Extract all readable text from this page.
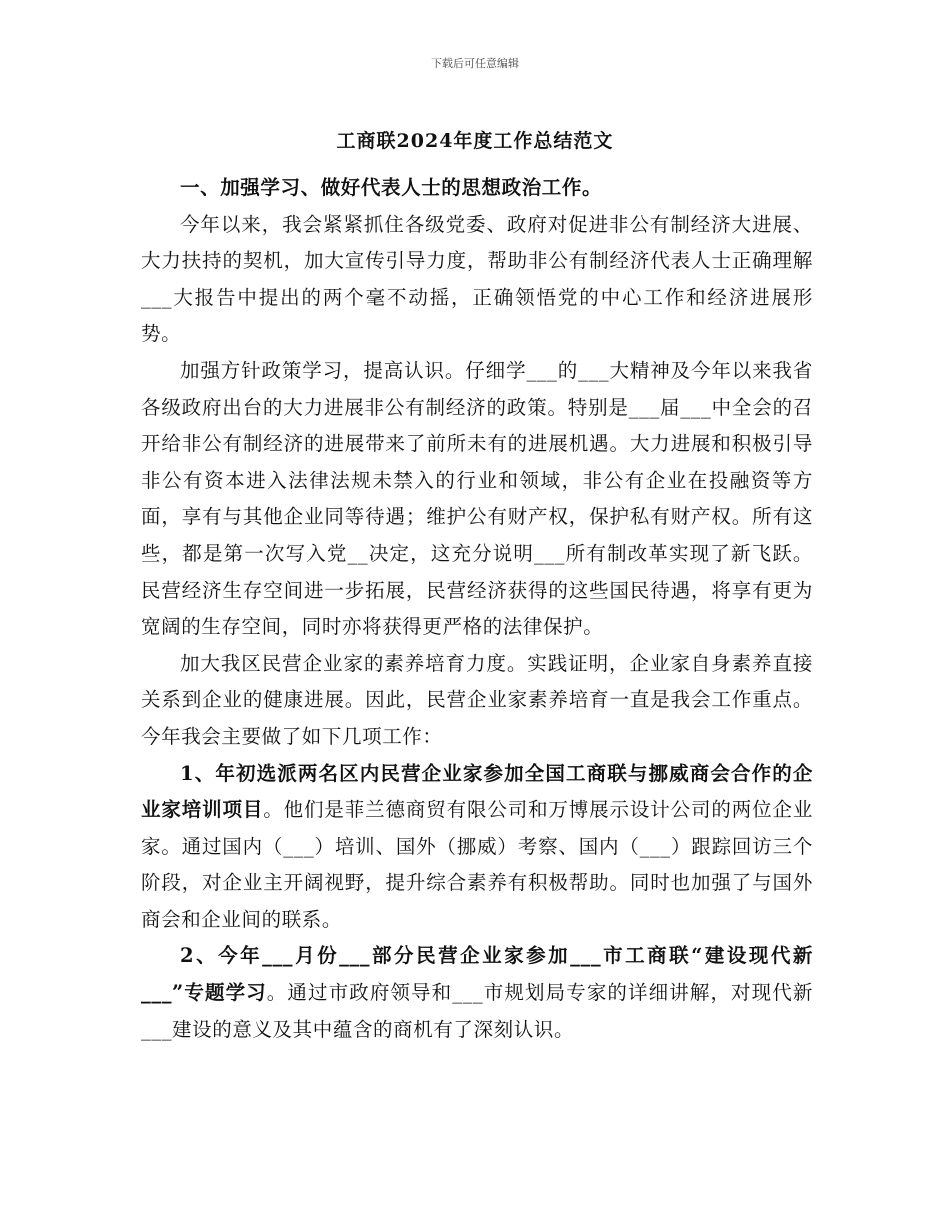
下载后可任意编辑
工商联2024年度工作总结范文

一、加强学习、做好代表人士的思想政治工作。

今年以来，我会紧紧抓住各级党委、政府对促进非公有制经济大进展、大力扶持的契机，加大宣传引导力度，帮助非公有制经济代表人士正确理解___大报告中提出的两个毫不动摇，正确领悟党的中心工作和经济进展形势。

加强方针政策学习，提高认识。仔细学___的___大精神及今年以来我省各级政府出台的大力进展非公有制经济的政策。特别是___届___中全会的召开给非公有制经济的进展带来了前所未有的进展机遇。大力进展和积极引导非公有资本进入法律法规未禁入的行业和领域，非公有企业在投融资等方面，享有与其他企业同等待遇；维护公有财产权，保护私有财产权。所有这些，都是第一次写入党__决定，这充分说明___所有制改革实现了新飞跃。民营经济生存空间进一步拓展，民营经济获得的这些国民待遇，将享有更为宽阔的生存空间，同时亦将获得更严格的法律保护。

加大我区民营企业家的素养培育力度。实践证明，企业家自身素养直接关系到企业的健康进展。因此，民营企业家素养培育一直是我会工作重点。今年我会主要做了如下几项工作：

1、年初选派两名区内民营企业家参加全国工商联与挪威商会合作的企业家培训项目。他们是菲兰德商贸有限公司和万博展示设计公司的两位企业家。通过国内（___）培训、国外（挪威）考察、国内（___）跟踪回访三个阶段，对企业主开阔视野，提升综合素养有积极帮助。同时也加强了与国外商会和企业间的联系。

2、今年___月份___部分民营企业家参加___市工商联“建设现代新___”专题学习。通过市政府领导和___市规划局专家的详细讲解，对现代新___建设的意义及其中蕴含的商机有了深刻认识。
